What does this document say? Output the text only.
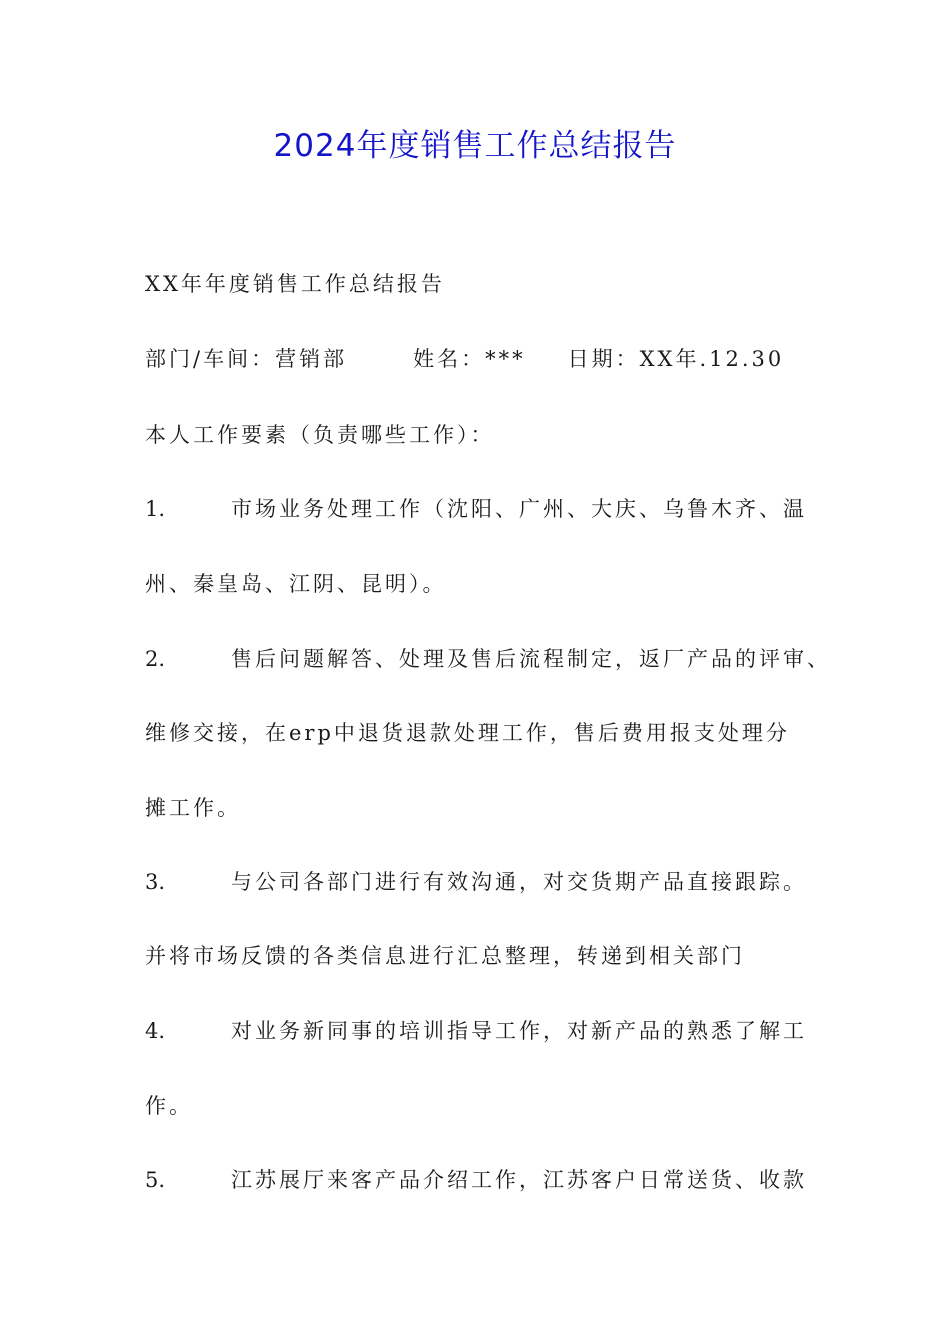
2024年度销售工作总结报告
XX年年度销售工作总结报告
部门/车间：营销部	姓名：*** 日期：XX年.12.30
本人工作要素（负责哪些工作）：
1.	市场业务处理工作（沈阳、广州、大庆、乌鲁木齐、温
州、秦皇岛、江阴、昆明）。
2.	售后问题解答、处理及售后流程制定，返厂产品的评审、
维修交接，在erp中退货退款处理工作，售后费用报支处理分
摊工作。
3.	与公司各部门进行有效沟通，对交货期产品直接跟踪。
并将市场反馈的各类信息进行汇总整理，转递到相关部门
4.	对业务新同事的培训指导工作，对新产品的熟悉了解工
作。
5.	江苏展厅来客产品介绍工作，江苏客户日常送货、收款
